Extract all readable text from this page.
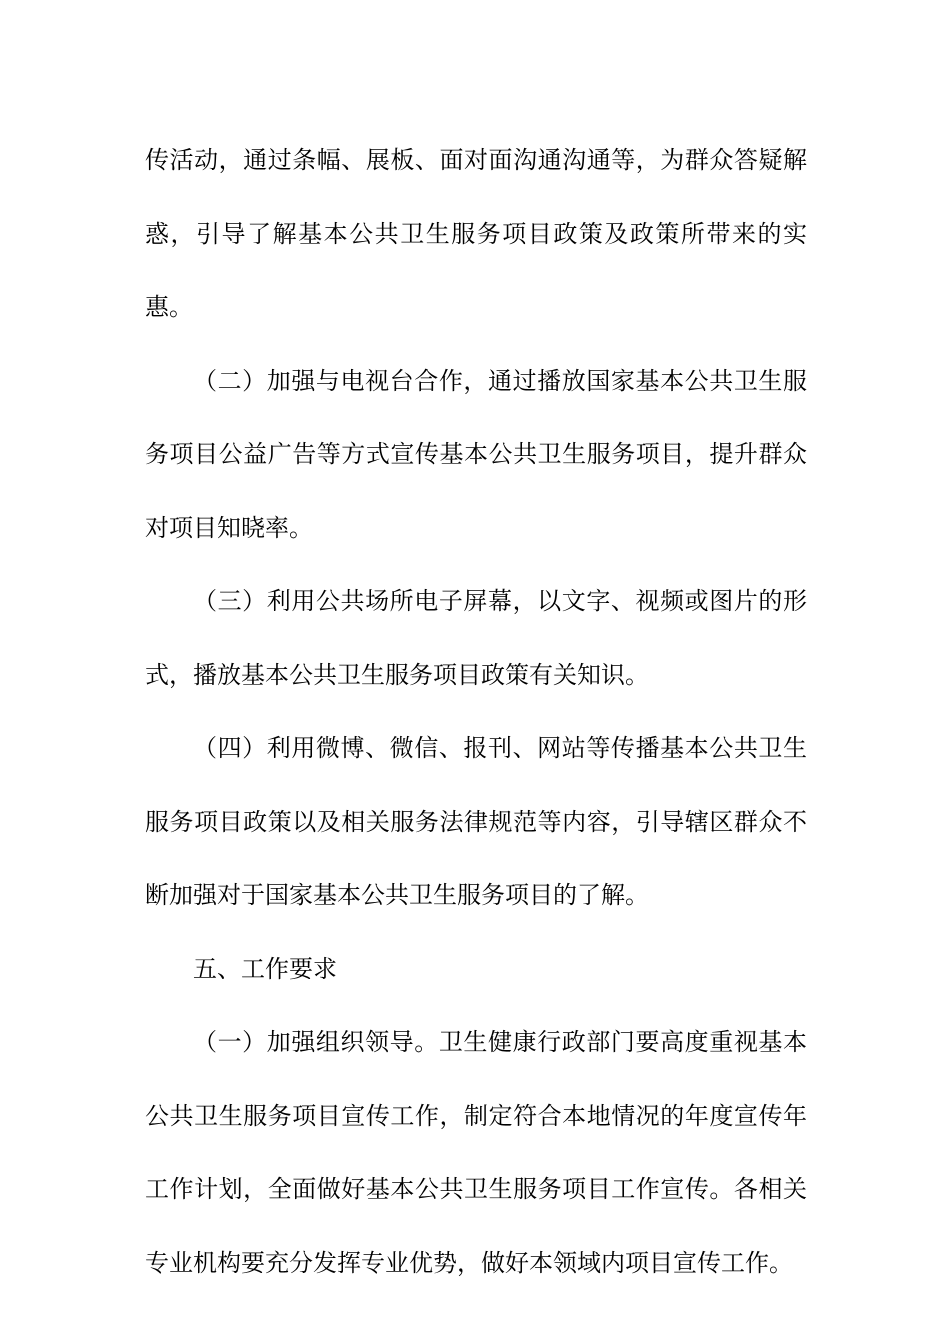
传活动，通过条幅、展板、面对面沟通沟通等，为群众答疑解惑，引导了解基本公共卫生服务项目政策及政策所带来的实惠。

（二）加强与电视台合作，通过播放国家基本公共卫生服务项目公益广告等方式宣传基本公共卫生服务项目，提升群众对项目知晓率。

（三）利用公共场所电子屏幕，以文字、视频或图片的形式，播放基本公共卫生服务项目政策有关知识。

（四）利用微博、微信、报刊、网站等传播基本公共卫生服务项目政策以及相关服务法律规范等内容，引导辖区群众不断加强对于国家基本公共卫生服务项目的了解。

五、工作要求

（一）加强组织领导。卫生健康行政部门要高度重视基本公共卫生服务项目宣传工作，制定符合本地情况的年度宣传年工作计划，全面做好基本公共卫生服务项目工作宣传。各相关专业机构要充分发挥专业优势，做好本领域内项目宣传工作。
